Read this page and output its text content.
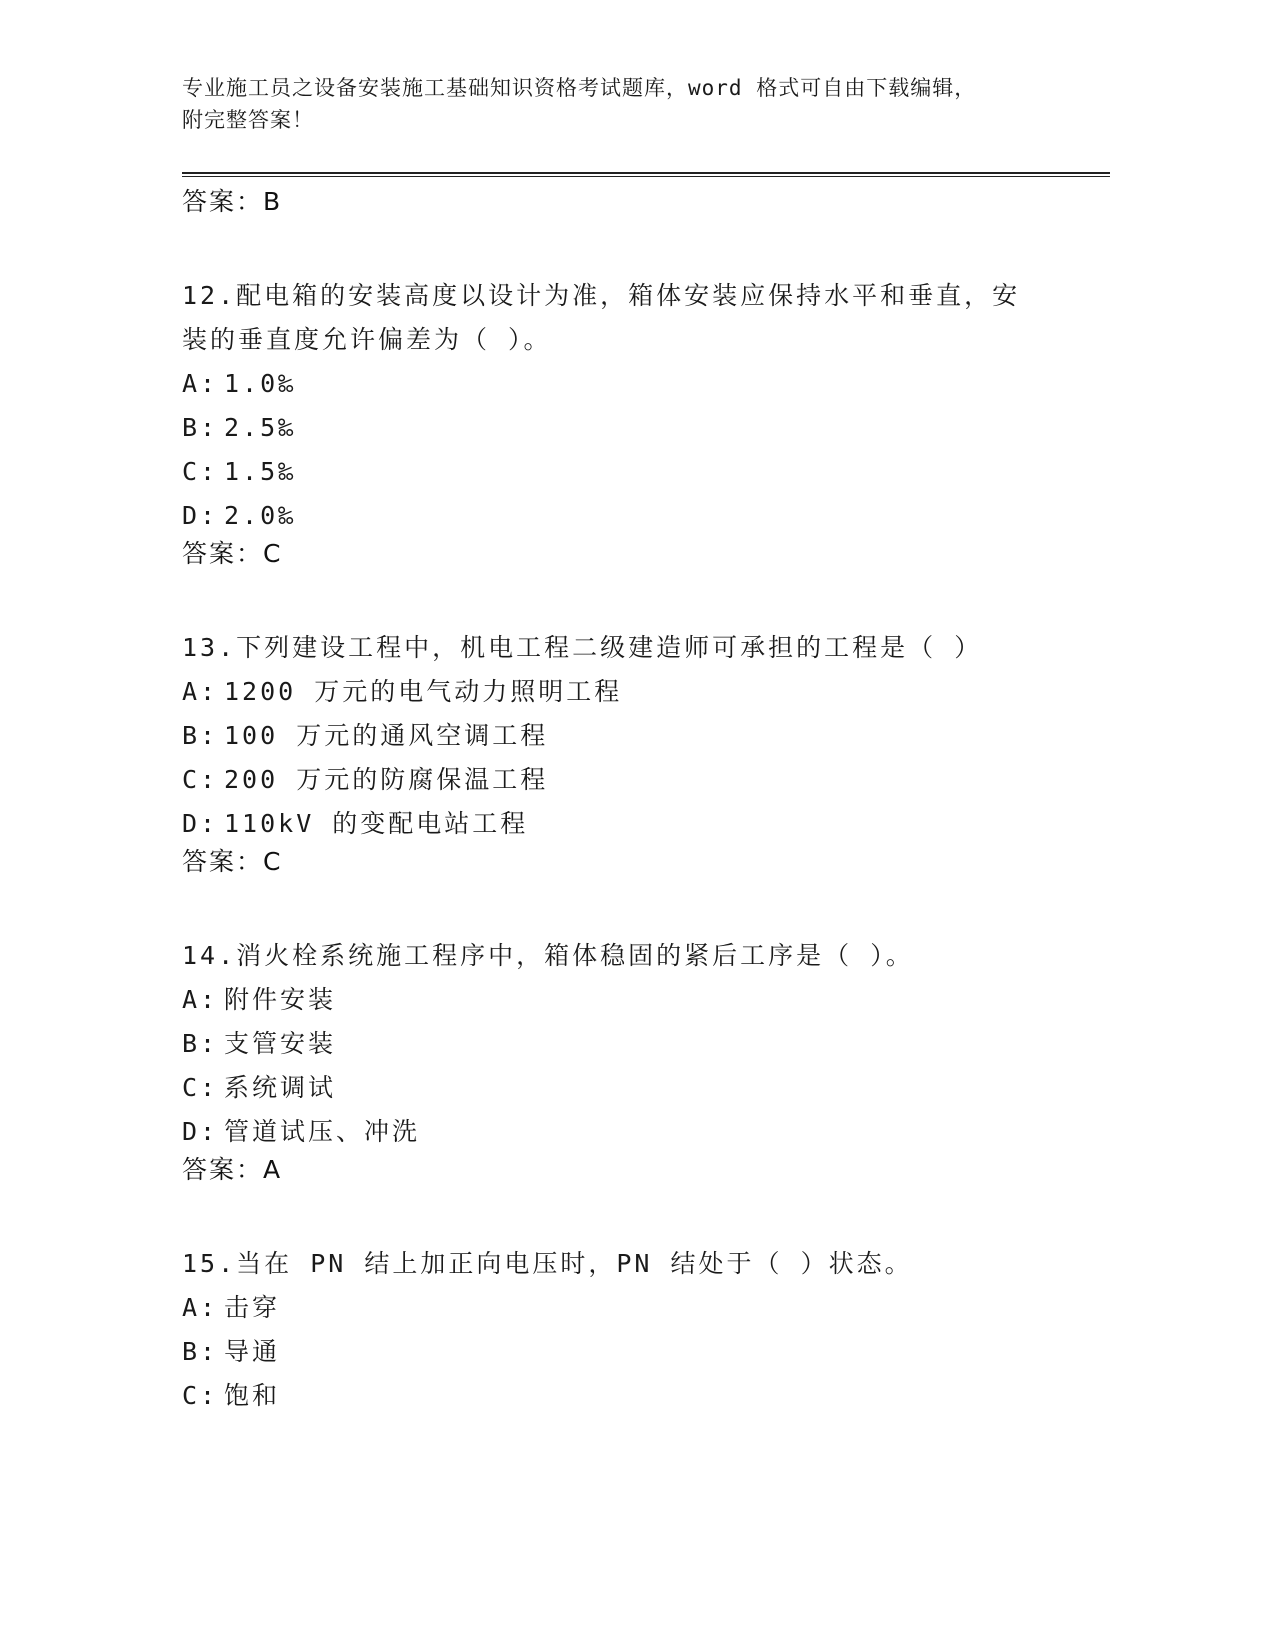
专业施工员之设备安装施工基础知识资格考试题库，word 格式可自由下载编辑，
附完整答案！
答案：B
12.配电箱的安装高度以设计为准，箱体安装应保持水平和垂直，安装的垂直度允许偏差为（ ）。
A: 1.0‰
B: 2.5‰
C: 1.5‰
D: 2.0‰
答案：C
13.下列建设工程中，机电工程二级建造师可承担的工程是（ ）
A: 1200 万元的电气动力照明工程
B: 100 万元的通风空调工程
C: 200 万元的防腐保温工程
D: 110kV 的变配电站工程
答案：C
14.消火栓系统施工程序中，箱体稳固的紧后工序是（ ）。
A: 附件安装
B: 支管安装
C: 系统调试
D: 管道试压、冲洗
答案：A
15.当在 PN 结上加正向电压时，PN 结处于（ ）状态。
A: 击穿
B: 导通
C: 饱和
